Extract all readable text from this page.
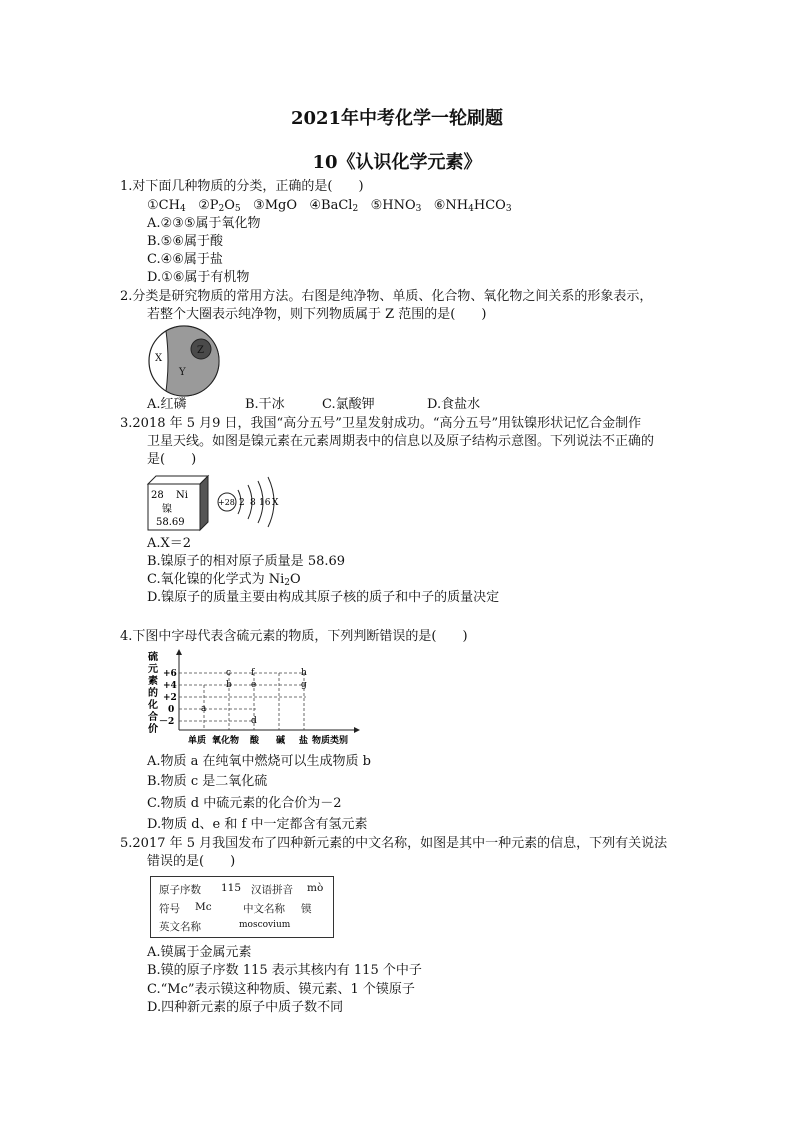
2021年中考化学一轮刷题
10《认识化学元素》
1.对下面几种物质的分类，正确的是(　　)
$①CH_4$ $②P_2O_5$ ③MgO ④BaCl$_2$ $⑤HNO_3$ $⑥NH_4HCO_3$
A.②③⑤属于氧化物
B.⑤⑥属于酸
C.④⑥属于盐
D.①⑥属于有机物
2.分类是研究物质的常用方法。右图是纯净物、单质、化合物、氧化物之间关系的形象表示，
若整个大圈表示纯净物，则下列物质属于 Z 范围的是(　　)
X
Y
Z
A.红磷	B.干冰	C.氯酸钾	D.食盐水
3.2018 年 5 月9 日，我国“高分五号”卫星发射成功。“高分五号”用钛镍形状记忆合金制作
卫星天线。如图是镍元素在元素周期表中的信息以及原子结构示意图。下列说法不正确的
是(　　)
28 Ni
镍
58.69
+28 2 8 16 X
A.X＝2
B.镍原子的相对原子质量是 58.69
C.氧化镍的化学式为 $Ni_2O$
D.镍原子的质量主要由构成其原子核的质子和中子的质量决定
4.下图中字母代表含硫元素的物质，下列判断错误的是(　　)
硫
元
素
的
化
合
价
+6
+4
+2
0
－2
a
b
c
d
e
f
g
h
单质 氧化物 酸 碱 盐 物质类别
A.物质 a 在纯氧中燃烧可以生成物质 b
B.物质 c 是二氧化硫
C.物质 d 中硫元素的化合价为－2
D.物质 d、e 和 f 中一定都含有氢元素
5.2017 年 5 月我国发布了四种新元素的中文名称，如图是其中一种元素的信息，下列有关说法
错误的是(　　)
原子序数 115 汉语拼音 mò
符号 Mc	中文名称 镆
英文名称	moscovium
A.镆属于金属元素
B.镆的原子序数 115 表示其核内有 115 个中子
C.“Mc”表示镆这种物质、镆元素、1 个镆原子
D.四种新元素的原子中质子数不同
